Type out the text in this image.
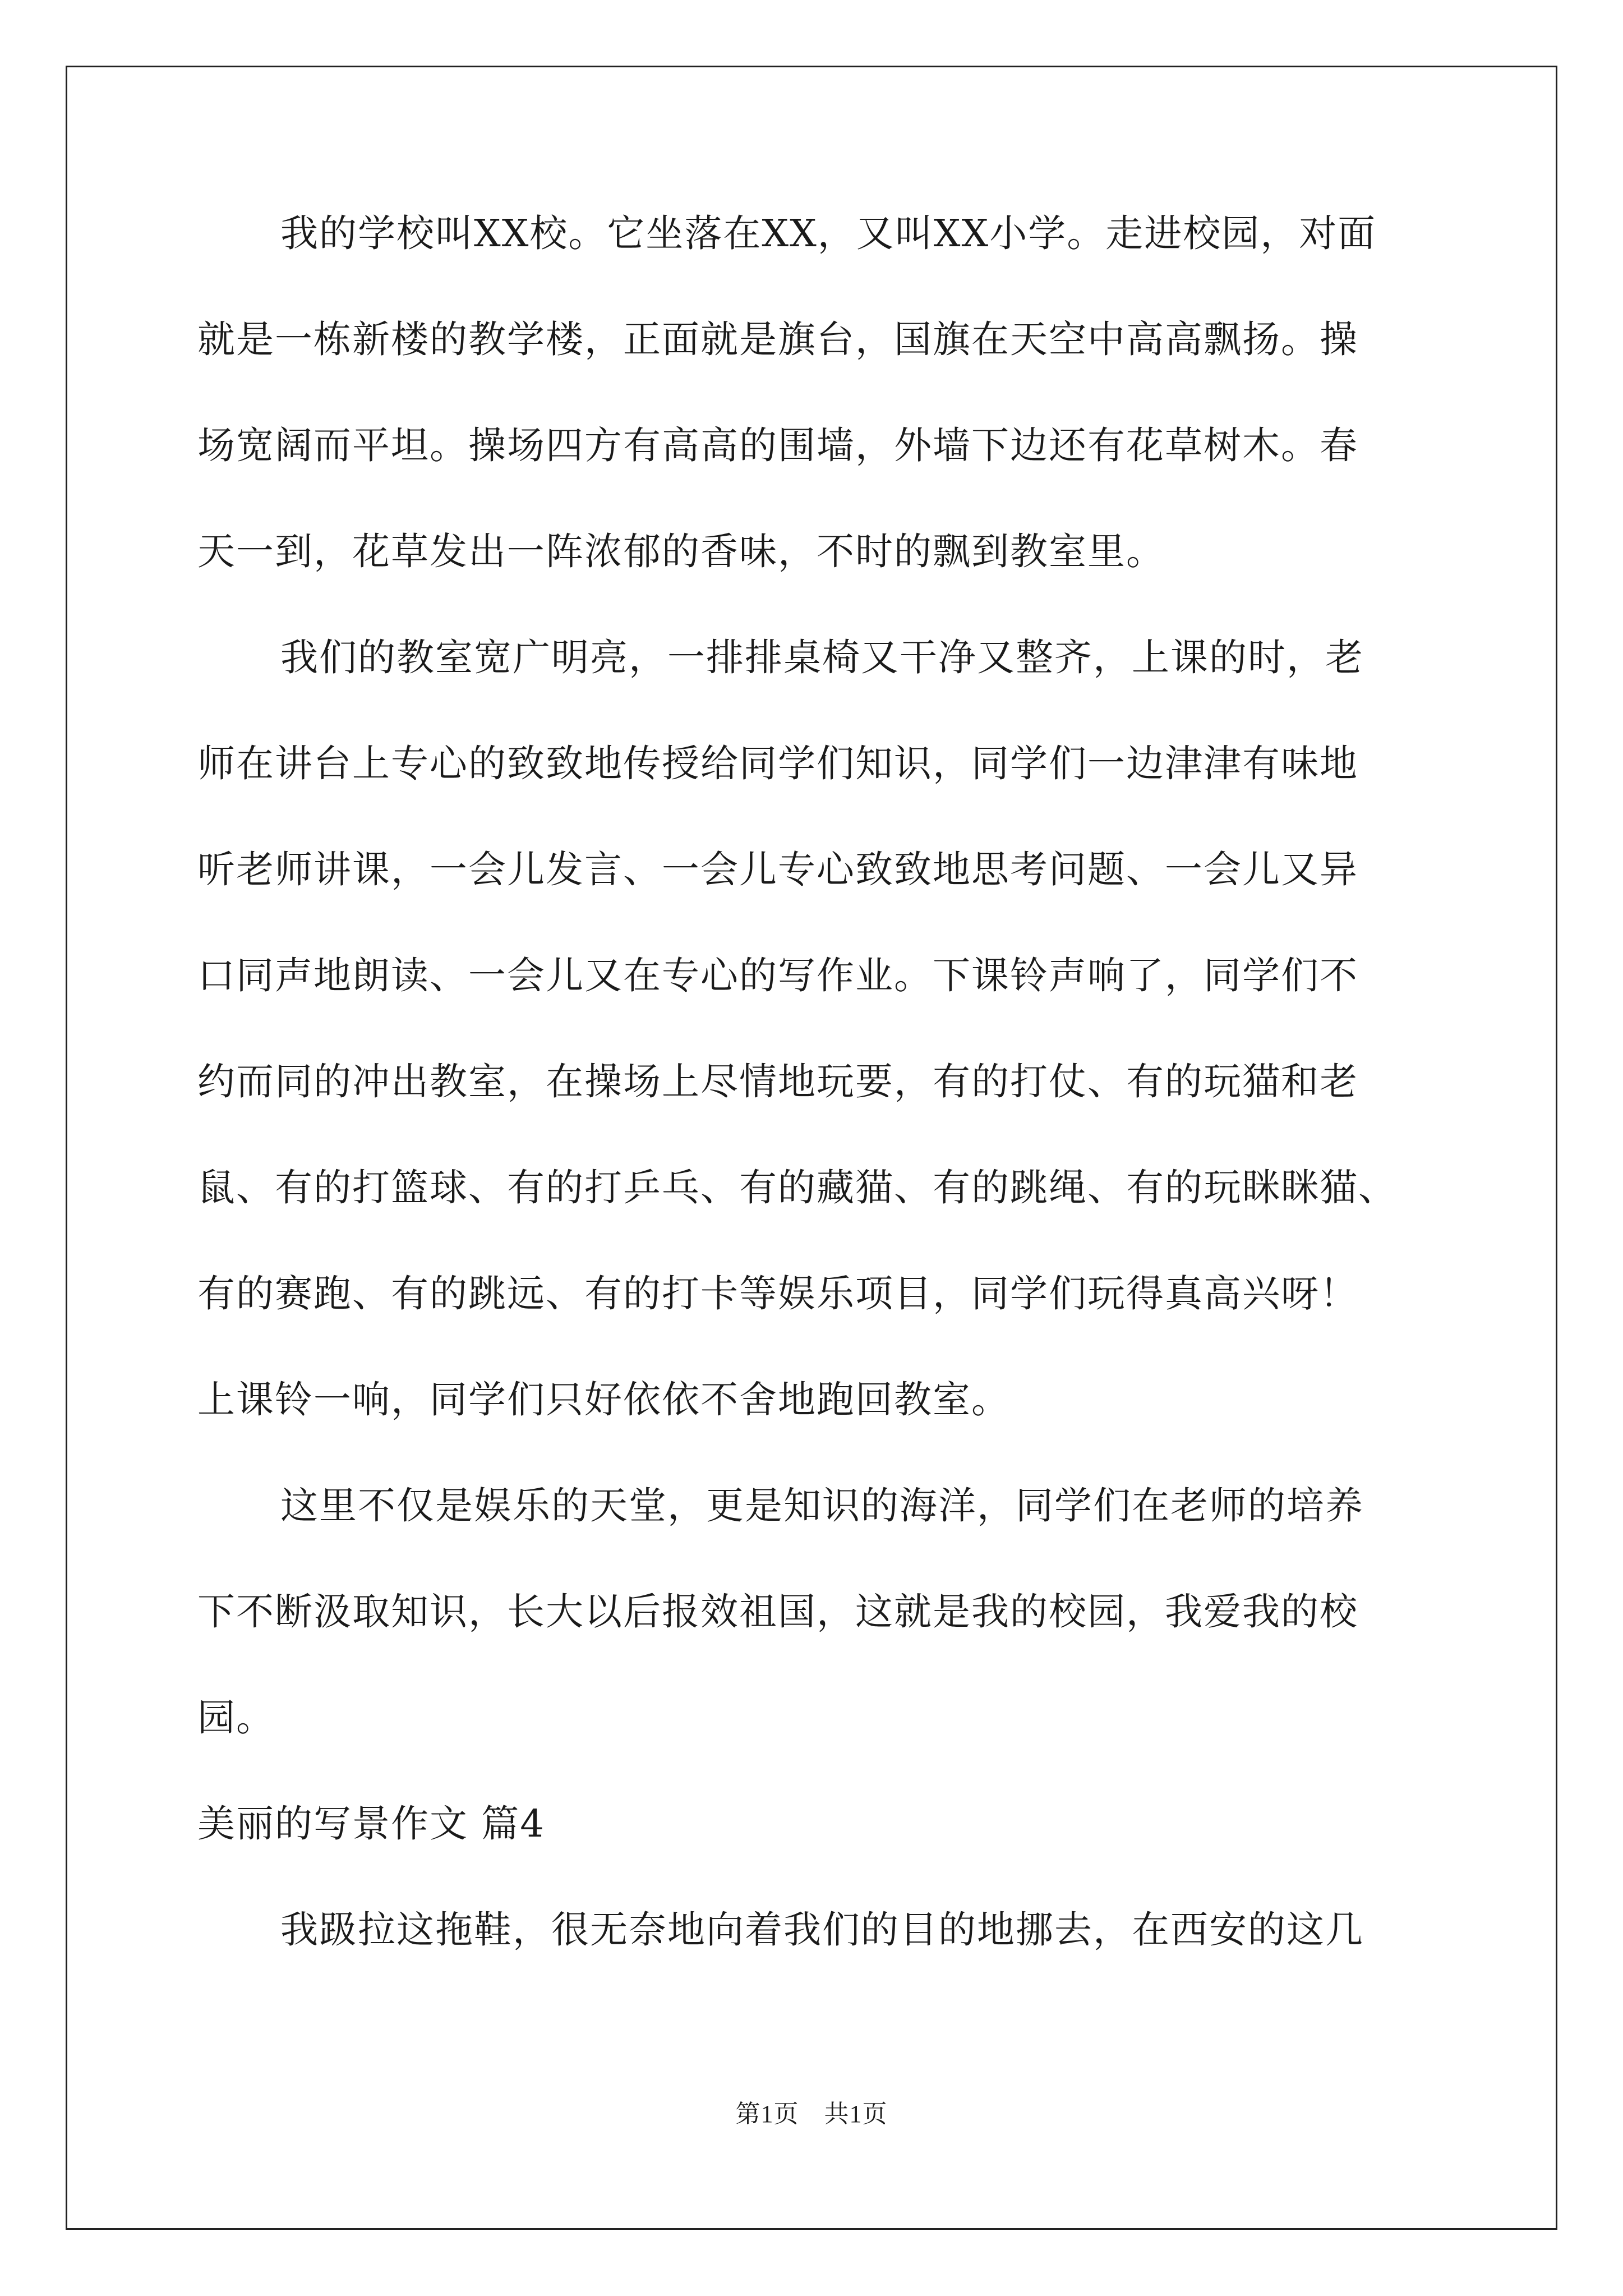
我的学校叫XX校。它坐落在XX，又叫XX小学。走进校园，对面
就是一栋新楼的教学楼，正面就是旗台，国旗在天空中高高飘扬。操
场宽阔而平坦。操场四方有高高的围墙，外墙下边还有花草树木。春
天一到，花草发出一阵浓郁的香味，不时的飘到教室里。
我们的教室宽广明亮，一排排桌椅又干净又整齐，上课的时，老
师在讲台上专心的致致地传授给同学们知识，同学们一边津津有味地
听老师讲课，一会儿发言、一会儿专心致致地思考问题、一会儿又异
口同声地朗读、一会儿又在专心的写作业。下课铃声响了，同学们不
约而同的冲出教室，在操场上尽情地玩要，有的打仗、有的玩猫和老
鼠、有的打篮球、有的打乒乓、有的藏猫、有的跳绳、有的玩眯眯猫、
有的赛跑、有的跳远、有的打卡等娱乐项目，同学们玩得真高兴呀！
上课铃一响，同学们只好依依不舍地跑回教室。
这里不仅是娱乐的天堂，更是知识的海洋，同学们在老师的培养
下不断汲取知识，长大以后报效祖国，这就是我的校园，我爱我的校
园。
美丽的写景作文 篇4
我趿拉这拖鞋，很无奈地向着我们的目的地挪去，在西安的这几
第1页　共1页
